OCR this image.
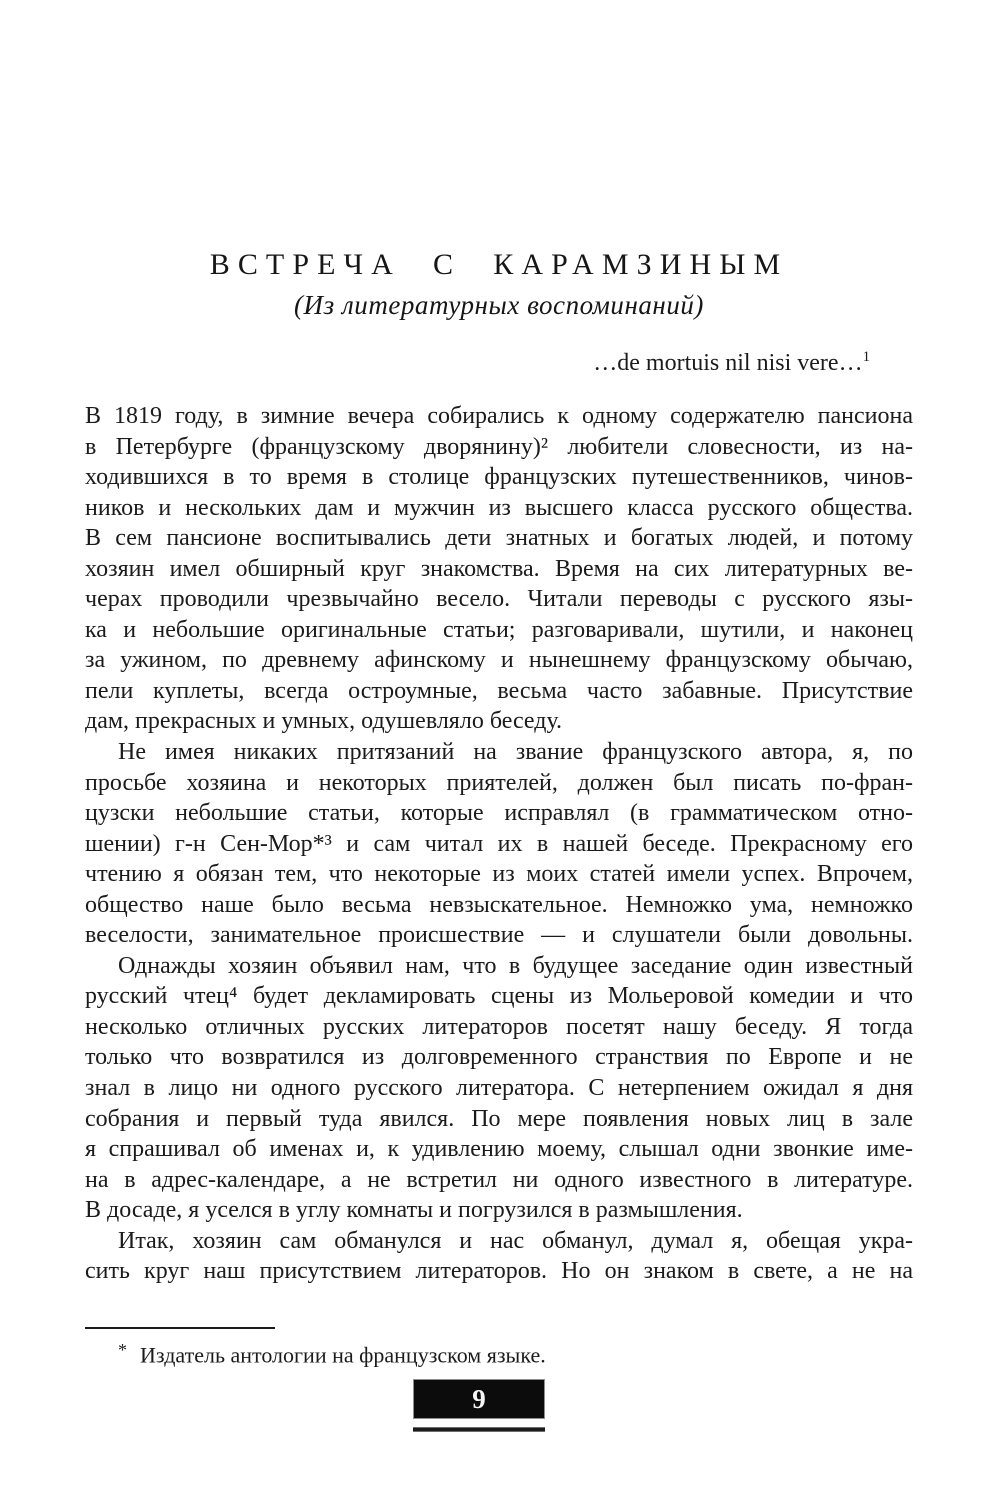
ВСТРЕЧА С КАРАМЗИНЫМ
(Из литературных воспоминаний)
…de mortuis nil nisi vere…$^1$
В 1819 году, в зимние вечера собирались к одному содержателю пансиона
в Петербурге (французскому дворянину)² любители словесности, из на-
ходившихся в то время в столице французских путешественников, чинов-
ников и нескольких дам и мужчин из высшего класса русского общества.
В сем пансионе воспитывались дети знатных и богатых людей, и потому
хозяин имел обширный круг знакомства. Время на сих литературных ве-
черах проводили чрезвычайно весело. Читали переводы с русского язы-
ка и небольшие оригинальные статьи; разговаривали, шутили, и наконец
за ужином, по древнему афинскому и нынешнему французскому обычаю,
пели куплеты, всегда остроумные, весьма часто забавные. Присутствие
дам, прекрасных и умных, одушевляло беседу.
Не имея никаких притязаний на звание французского автора, я, по
просьбе хозяина и некоторых приятелей, должен был писать по-фран-
цузски небольшие статьи, которые исправлял (в грамматическом отно-
шении) г-н Сен-Мор*³ и сам читал их в нашей беседе. Прекрасному его
чтению я обязан тем, что некоторые из моих статей имели успех. Впрочем,
общество наше было весьма невзыскательное. Немножко ума, немножко
веселости, занимательное происшествие — и слушатели были довольны.
Однажды хозяин объявил нам, что в будущее заседание один известный
русский чтец⁴ будет декламировать сцены из Мольеровой комедии и что
несколько отличных русских литераторов посетят нашу беседу. Я тогда
только что возвратился из долговременного странствия по Европе и не
знал в лицо ни одного русского литератора. С нетерпением ожидал я дня
собрания и первый туда явился. По мере появления новых лиц в зале
я спрашивал об именах и, к удивлению моему, слышал одни звонкие име-
на в адрес-календаре, а не встретил ни одного известного в литературе.
В досаде, я уселся в углу комнаты и погрузился в размышления.
Итак, хозяин сам обманулся и нас обманул, думал я, обещая укра-
сить круг наш присутствием литераторов. Но он знаком в свете, а не на
* Издатель антологии на французском языке.
9
